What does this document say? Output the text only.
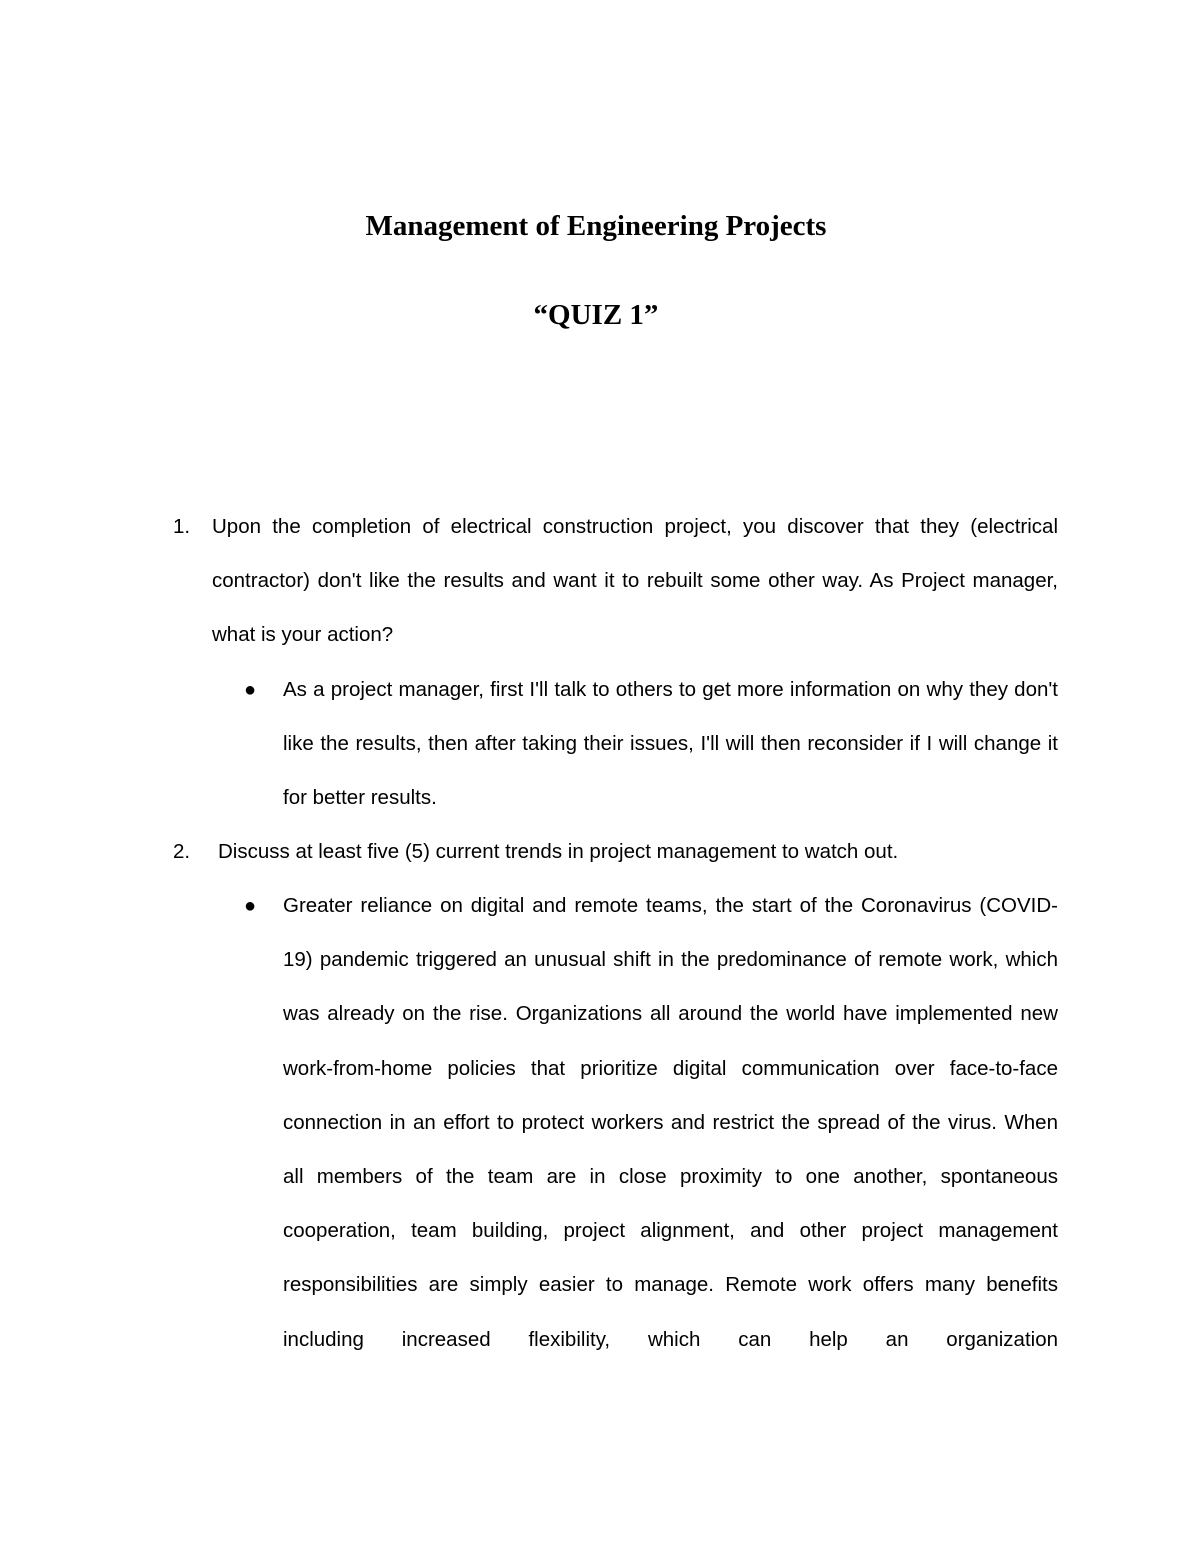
Management of Engineering Projects
“QUIZ 1”
1. Upon the completion of electrical construction project, you discover that they (electrical contractor) don't like the results and want it to rebuilt some other way. As Project manager, what is your action?
● As a project manager, first I'll talk to others to get more information on why they don't like the results, then after taking their issues, I'll will then reconsider if I will change it for better results.
2. Discuss at least five (5) current trends in project management to watch out.
● Greater reliance on digital and remote teams, the start of the Coronavirus (COVID-19) pandemic triggered an unusual shift in the predominance of remote work, which was already on the rise. Organizations all around the world have implemented new work-from-home policies that prioritize digital communication over face-to-face connection in an effort to protect workers and restrict the spread of the virus. When all members of the team are in close proximity to one another, spontaneous cooperation, team building, project alignment, and other project management responsibilities are simply easier to manage. Remote work offers many benefits including increased flexibility, which can help an organization
